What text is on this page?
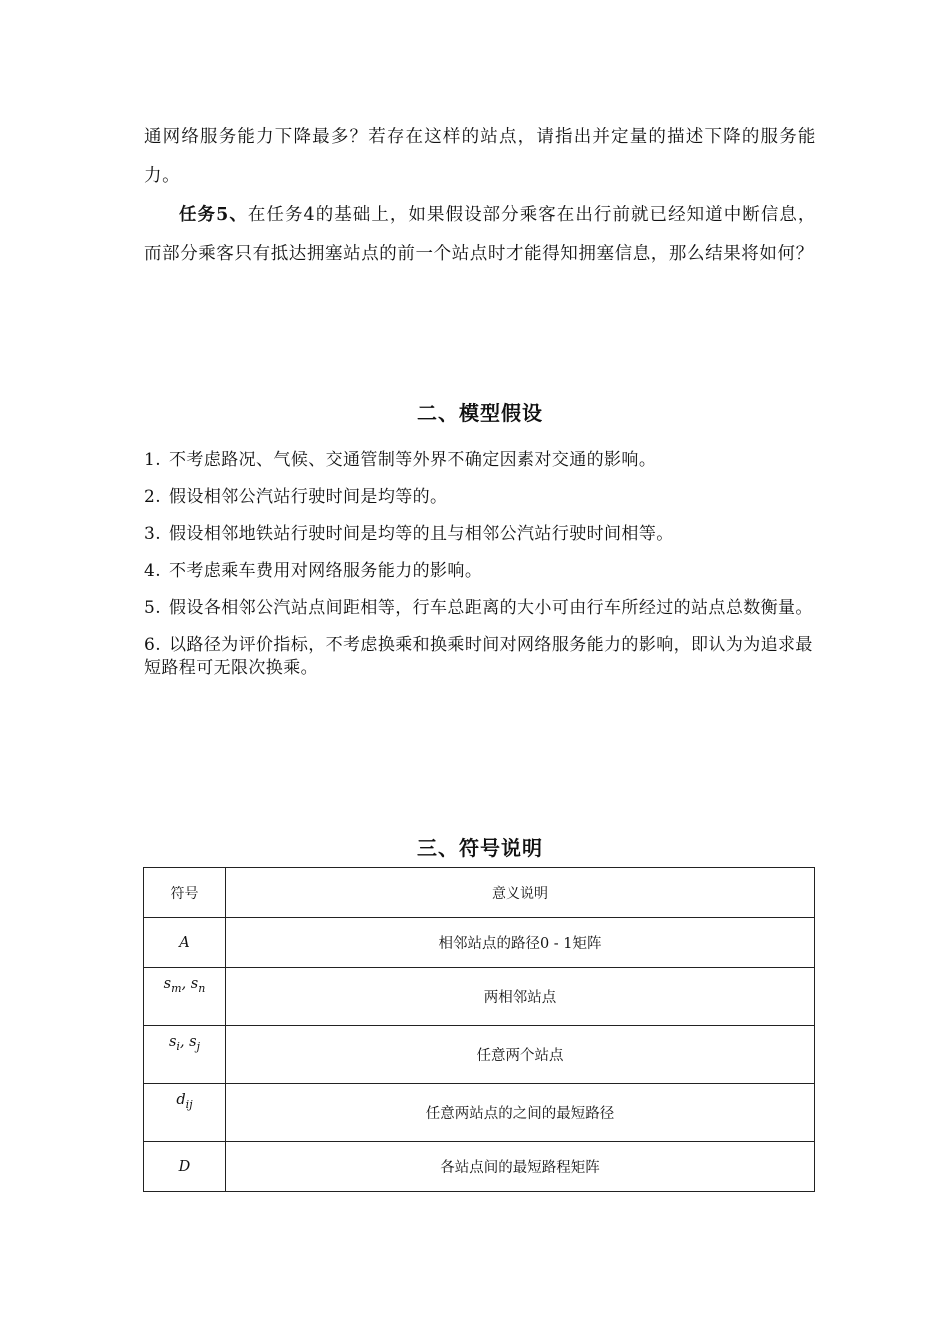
通网络服务能力下降最多？若存在这样的站点，请指出并定量的描述下降的服务能力。
任务5、在任务4的基础上，如果假设部分乘客在出行前就已经知道中断信息，而部分乘客只有抵达拥塞站点的前一个站点时才能得知拥塞信息，那么结果将如何？
二、模型假设
1. 不考虑路况、气候、交通管制等外界不确定因素对交通的影响。
2. 假设相邻公汽站行驶时间是均等的。
3. 假设相邻地铁站行驶时间是均等的且与相邻公汽站行驶时间相等。
4. 不考虑乘车费用对网络服务能力的影响。
5. 假设各相邻公汽站点间距相等，行车总距离的大小可由行车所经过的站点总数衡量。
6. 以路径为评价指标，不考虑换乘和换乘时间对网络服务能力的影响，即认为为追求最短路程可无限次换乘。
三、符号说明
符号	意义说明
A	相邻站点的路径0 - 1矩阵
$s_m$, $s_n$	两相邻站点
$s_i$, $s_j$	任意两个站点
$d_{ij}$	任意两站点的之间的最短路径
D	各站点间的最短路程矩阵
